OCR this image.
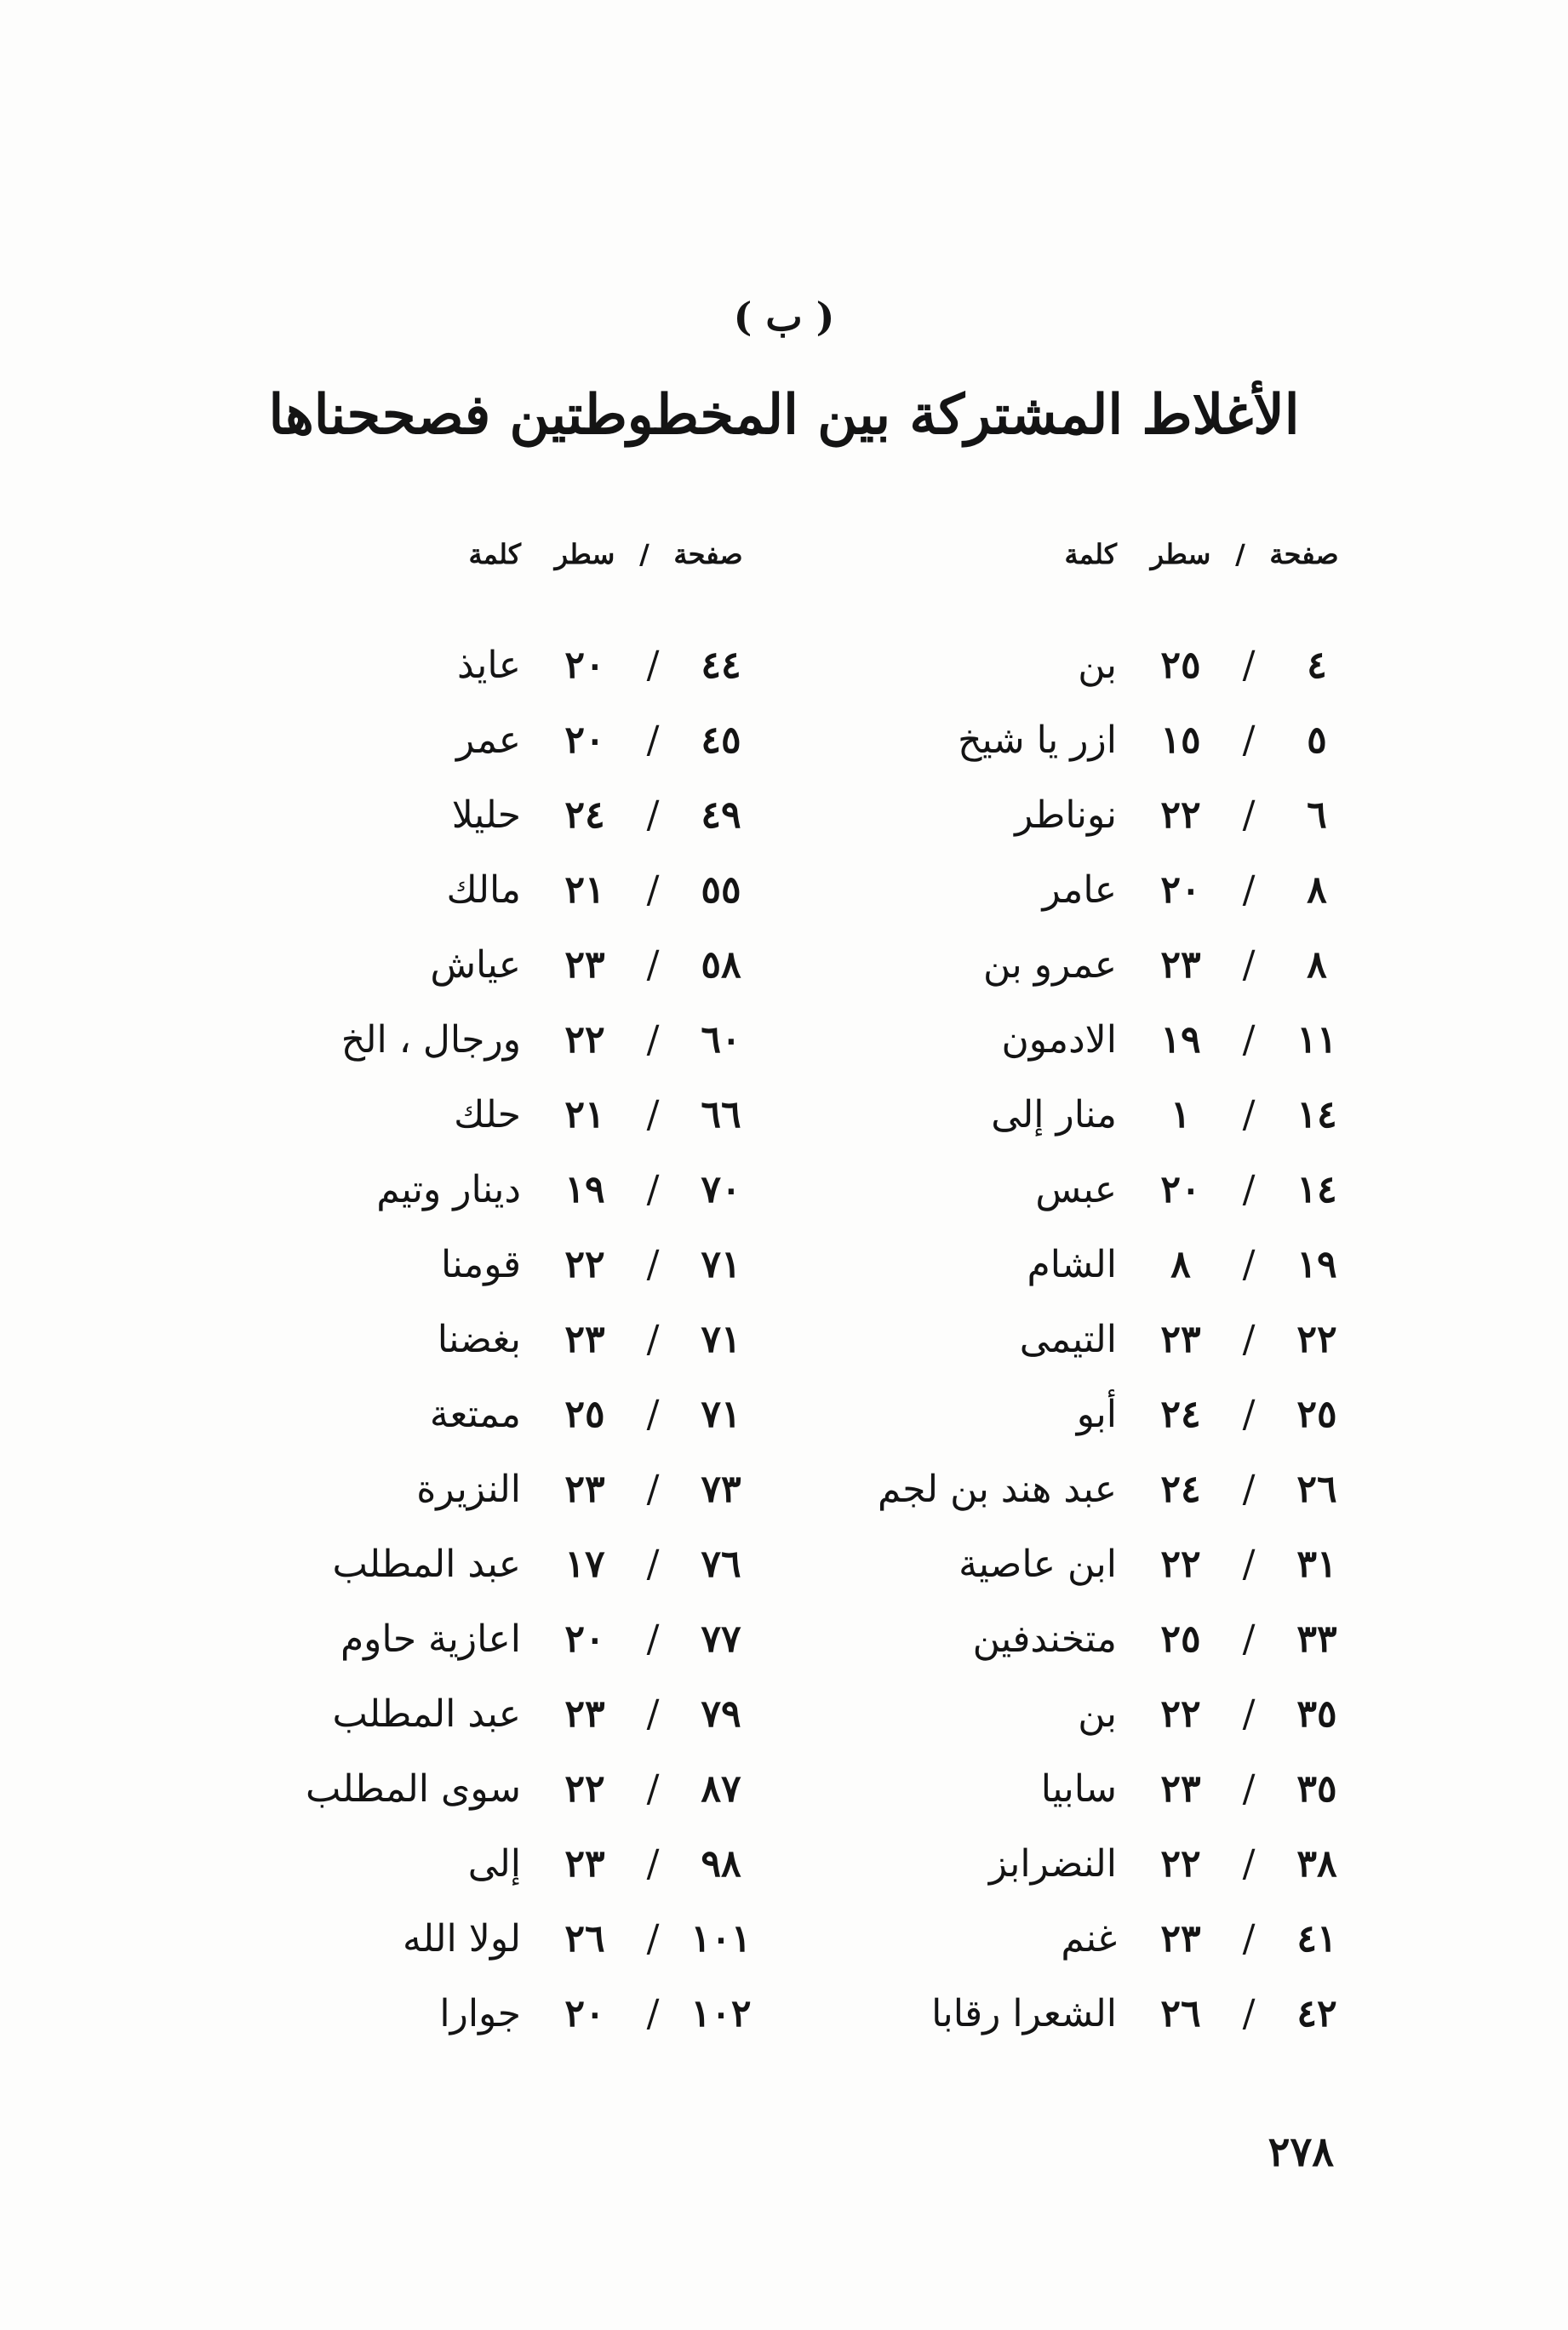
( ب )
الأغلاط المشتركة بين المخطوطتين فصححناها
صفحة
/
سطر
كلمة
٤
/
٢٥
بن
٥
/
١٥
ازر يا شيخ
٦
/
٢٢
نوناطر
٨
/
٢٠
عامر
٨
/
٢٣
عمرو بن
١١
/
١٩
الادمون
١٤
/
١
منار إلى
١٤
/
٢٠
عبس
١٩
/
٨
الشام
٢٢
/
٢٣
التيمى
٢٥
/
٢٤
أبو
٢٦
/
٢٤
عبد هند بن لجم
٣١
/
٢٢
ابن عاصية
٣٣
/
٢٥
متخندفين
٣٥
/
٢٢
بن
٣٥
/
٢٣
سابيا
٣٨
/
٢٢
النضرابز
٤١
/
٢٣
غنم
٤٢
/
٢٦
الشعرا رقابا
صفحة
/
سطر
كلمة
٤٤
/
٢٠
عايذ
٤٥
/
٢٠
عمر
٤٩
/
٢٤
حليلا
٥٥
/
٢١
مالك
٥٨
/
٢٣
عياش
٦٠
/
٢٢
ورجال ، الخ
٦٦
/
٢١
حلك
٧٠
/
١٩
دينار وتيم
٧١
/
٢٢
قومنا
٧١
/
٢٣
بغضنا
٧١
/
٢٥
ممتعة
٧٣
/
٢٣
النزيرة
٧٦
/
١٧
عبد المطلب
٧٧
/
٢٠
اعازية حاوم
٧٩
/
٢٣
عبد المطلب
٨٧
/
٢٢
سوى المطلب
٩٨
/
٢٣
إلى
١٠١
/
٢٦
لولا الله
١٠٢
/
٢٠
جوارا
٢٧٨
